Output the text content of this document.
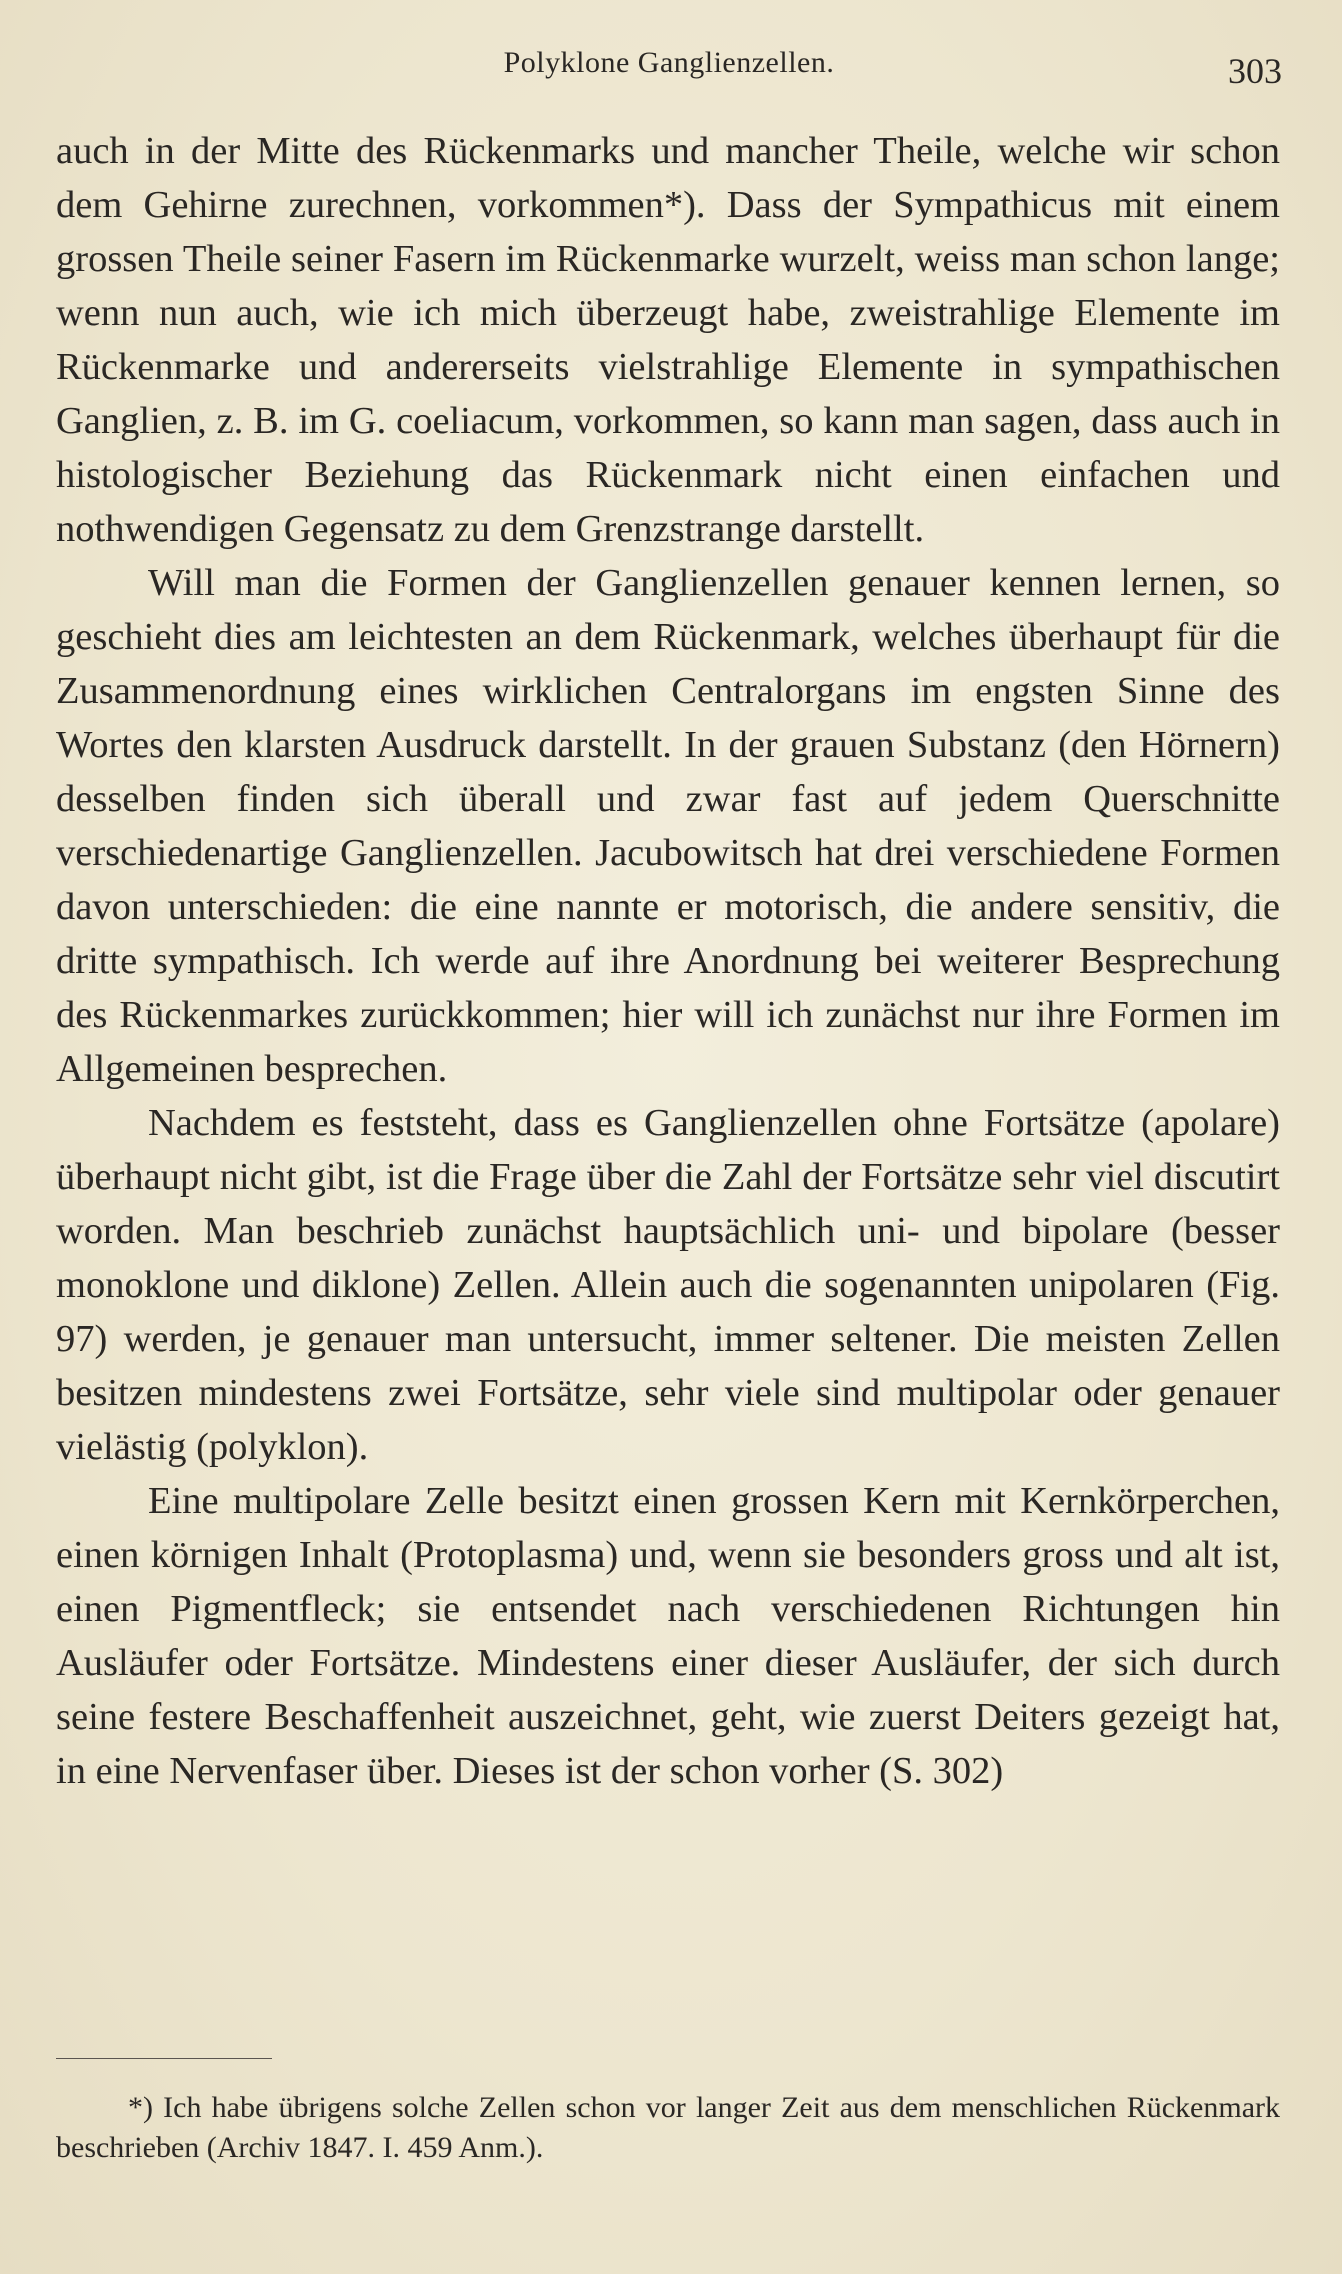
Polyklone Ganglienzellen.	303

auch in der Mitte des Rückenmarks und mancher Theile, welche wir schon dem Gehirne zurechnen, vorkommen*). Dass der Sympathicus mit einem grossen Theile seiner Fasern im Rückenmarke wurzelt, weiss man schon lange; wenn nun auch, wie ich mich überzeugt habe, zweistrahlige Elemente im Rückenmarke und andererseits vielstrahlige Elemente in sympathischen Ganglien, z. B. im G. coeliacum, vorkommen, so kann man sagen, dass auch in histologischer Beziehung das Rückenmark nicht einen einfachen und nothwendigen Gegensatz zu dem Grenzstrange darstellt.

Will man die Formen der Ganglienzellen genauer kennen lernen, so geschieht dies am leichtesten an dem Rückenmark, welches überhaupt für die Zusammenordnung eines wirklichen Centralorgans im engsten Sinne des Wortes den klarsten Ausdruck darstellt. In der grauen Substanz (den Hörnern) desselben finden sich überall und zwar fast auf jedem Querschnitte verschiedenartige Ganglienzellen. Jacubowitsch hat drei verschiedene Formen davon unterschieden: die eine nannte er motorisch, die andere sensitiv, die dritte sympathisch. Ich werde auf ihre Anordnung bei weiterer Besprechung des Rückenmarkes zurückkommen; hier will ich zunächst nur ihre Formen im Allgemeinen besprechen.

Nachdem es feststeht, dass es Ganglienzellen ohne Fortsätze (apolare) überhaupt nicht gibt, ist die Frage über die Zahl der Fortsätze sehr viel discutirt worden. Man beschrieb zunächst hauptsächlich uni- und bipolare (besser monoklone und diklone) Zellen. Allein auch die sogenannten unipolaren (Fig. 97) werden, je genauer man untersucht, immer seltener. Die meisten Zellen besitzen mindestens zwei Fortsätze, sehr viele sind multipolar oder genauer vielästig (polyklon).

Eine multipolare Zelle besitzt einen grossen Kern mit Kernkörperchen, einen körnigen Inhalt (Protoplasma) und, wenn sie besonders gross und alt ist, einen Pigmentfleck; sie entsendet nach verschiedenen Richtungen hin Ausläufer oder Fortsätze. Mindestens einer dieser Ausläufer, der sich durch seine festere Beschaffenheit auszeichnet, geht, wie zuerst Deiters gezeigt hat, in eine Nervenfaser über. Dieses ist der schon vorher (S. 302)

*) Ich habe übrigens solche Zellen schon vor langer Zeit aus dem menschlichen Rückenmark beschrieben (Archiv 1847. I. 459 Anm.).
